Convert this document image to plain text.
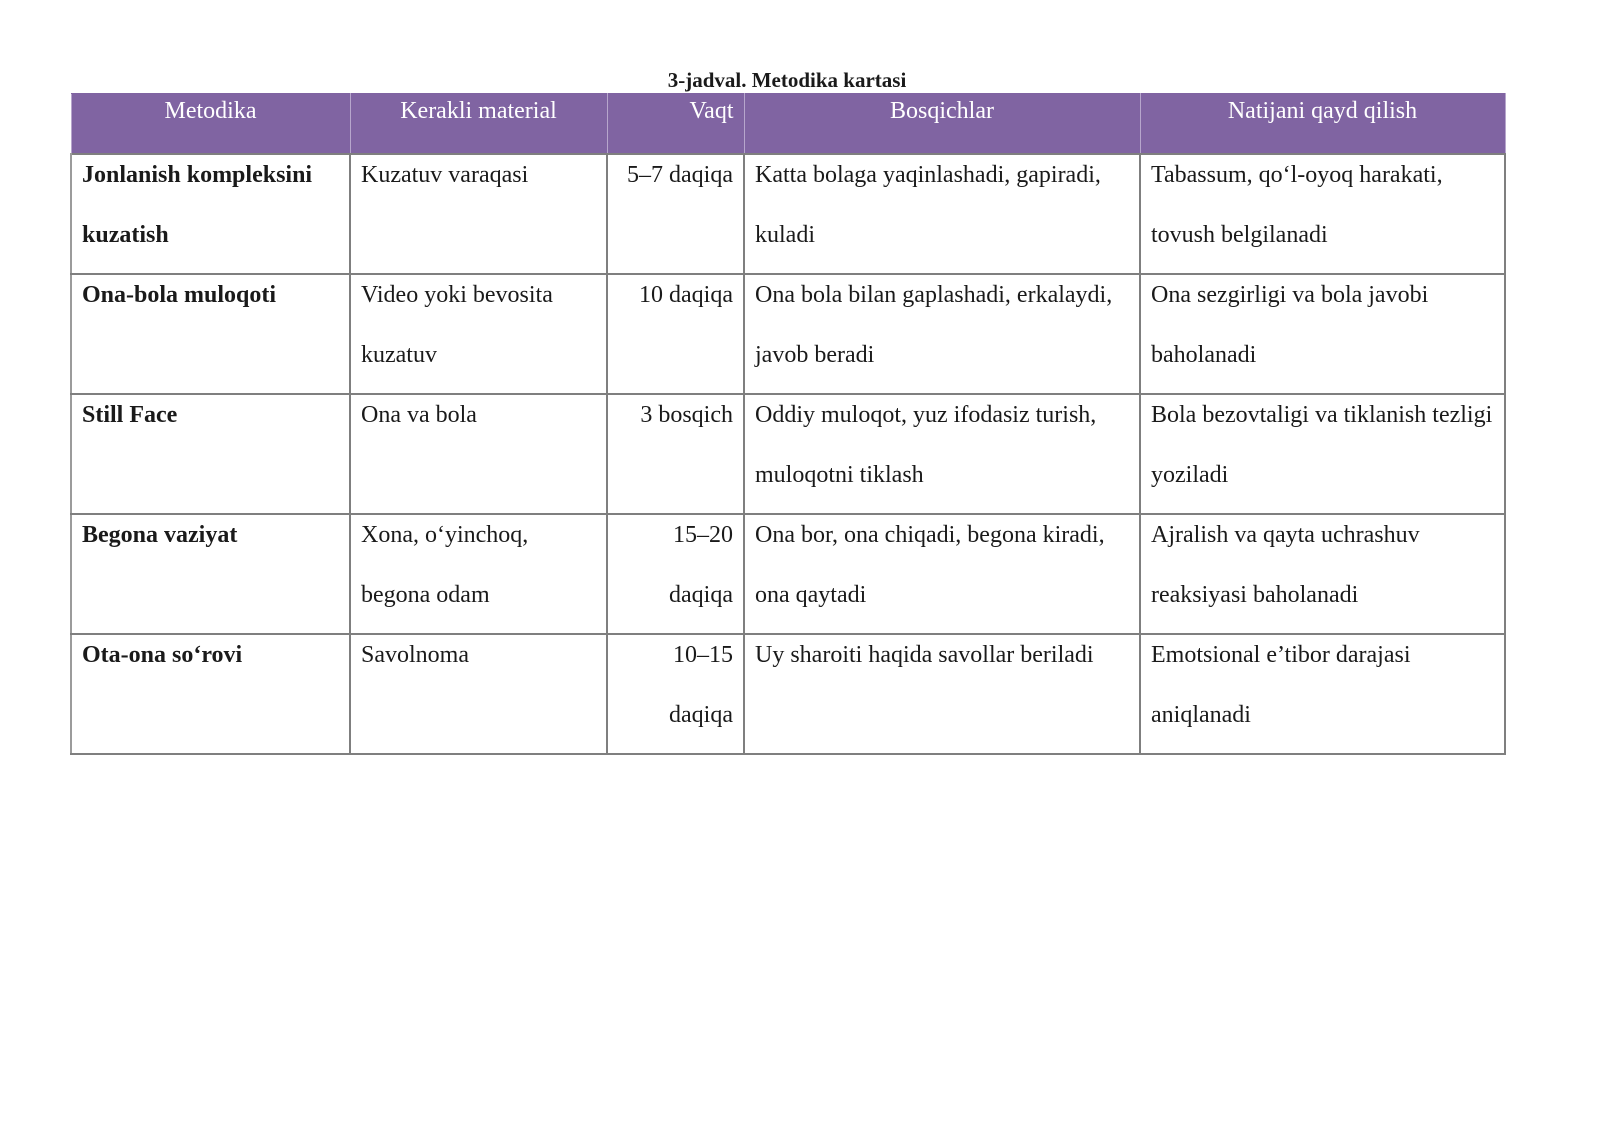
3-jadval. Metodika kartasi
Metodika	Kerakli material	Vaqt	Bosqichlar	Natijani qayd qilish

Jonlanish kompleksini kuzatish	Kuzatuv varaqasi	5–7 daqiqa	Katta bolaga yaqinlashadi, gapiradi, kuladi	Tabassum, qo‘l-oyoq harakati, tovush belgilanadi

Ona-bola muloqoti	Video yoki bevosita kuzatuv	10 daqiqa	Ona bola bilan gaplashadi, erkalaydi, javob beradi	Ona sezgirligi va bola javobi baholanadi

Still Face	Ona va bola	3 bosqich	Oddiy muloqot, yuz ifodasiz turish, muloqotni tiklash	Bola bezovtaligi va tiklanish tezligi yoziladi

Begona vaziyat	Xona, o‘yinchoq, begona odam	15–20 daqiqa	Ona bor, ona chiqadi, begona kiradi, ona qaytadi	Ajralish va qayta uchrashuv reaksiyasi baholanadi

Ota-ona so‘rovi	Savolnoma	10–15 daqiqa	Uy sharoiti haqida savollar beriladi	Emotsional e’tibor darajasi aniqlanadi
